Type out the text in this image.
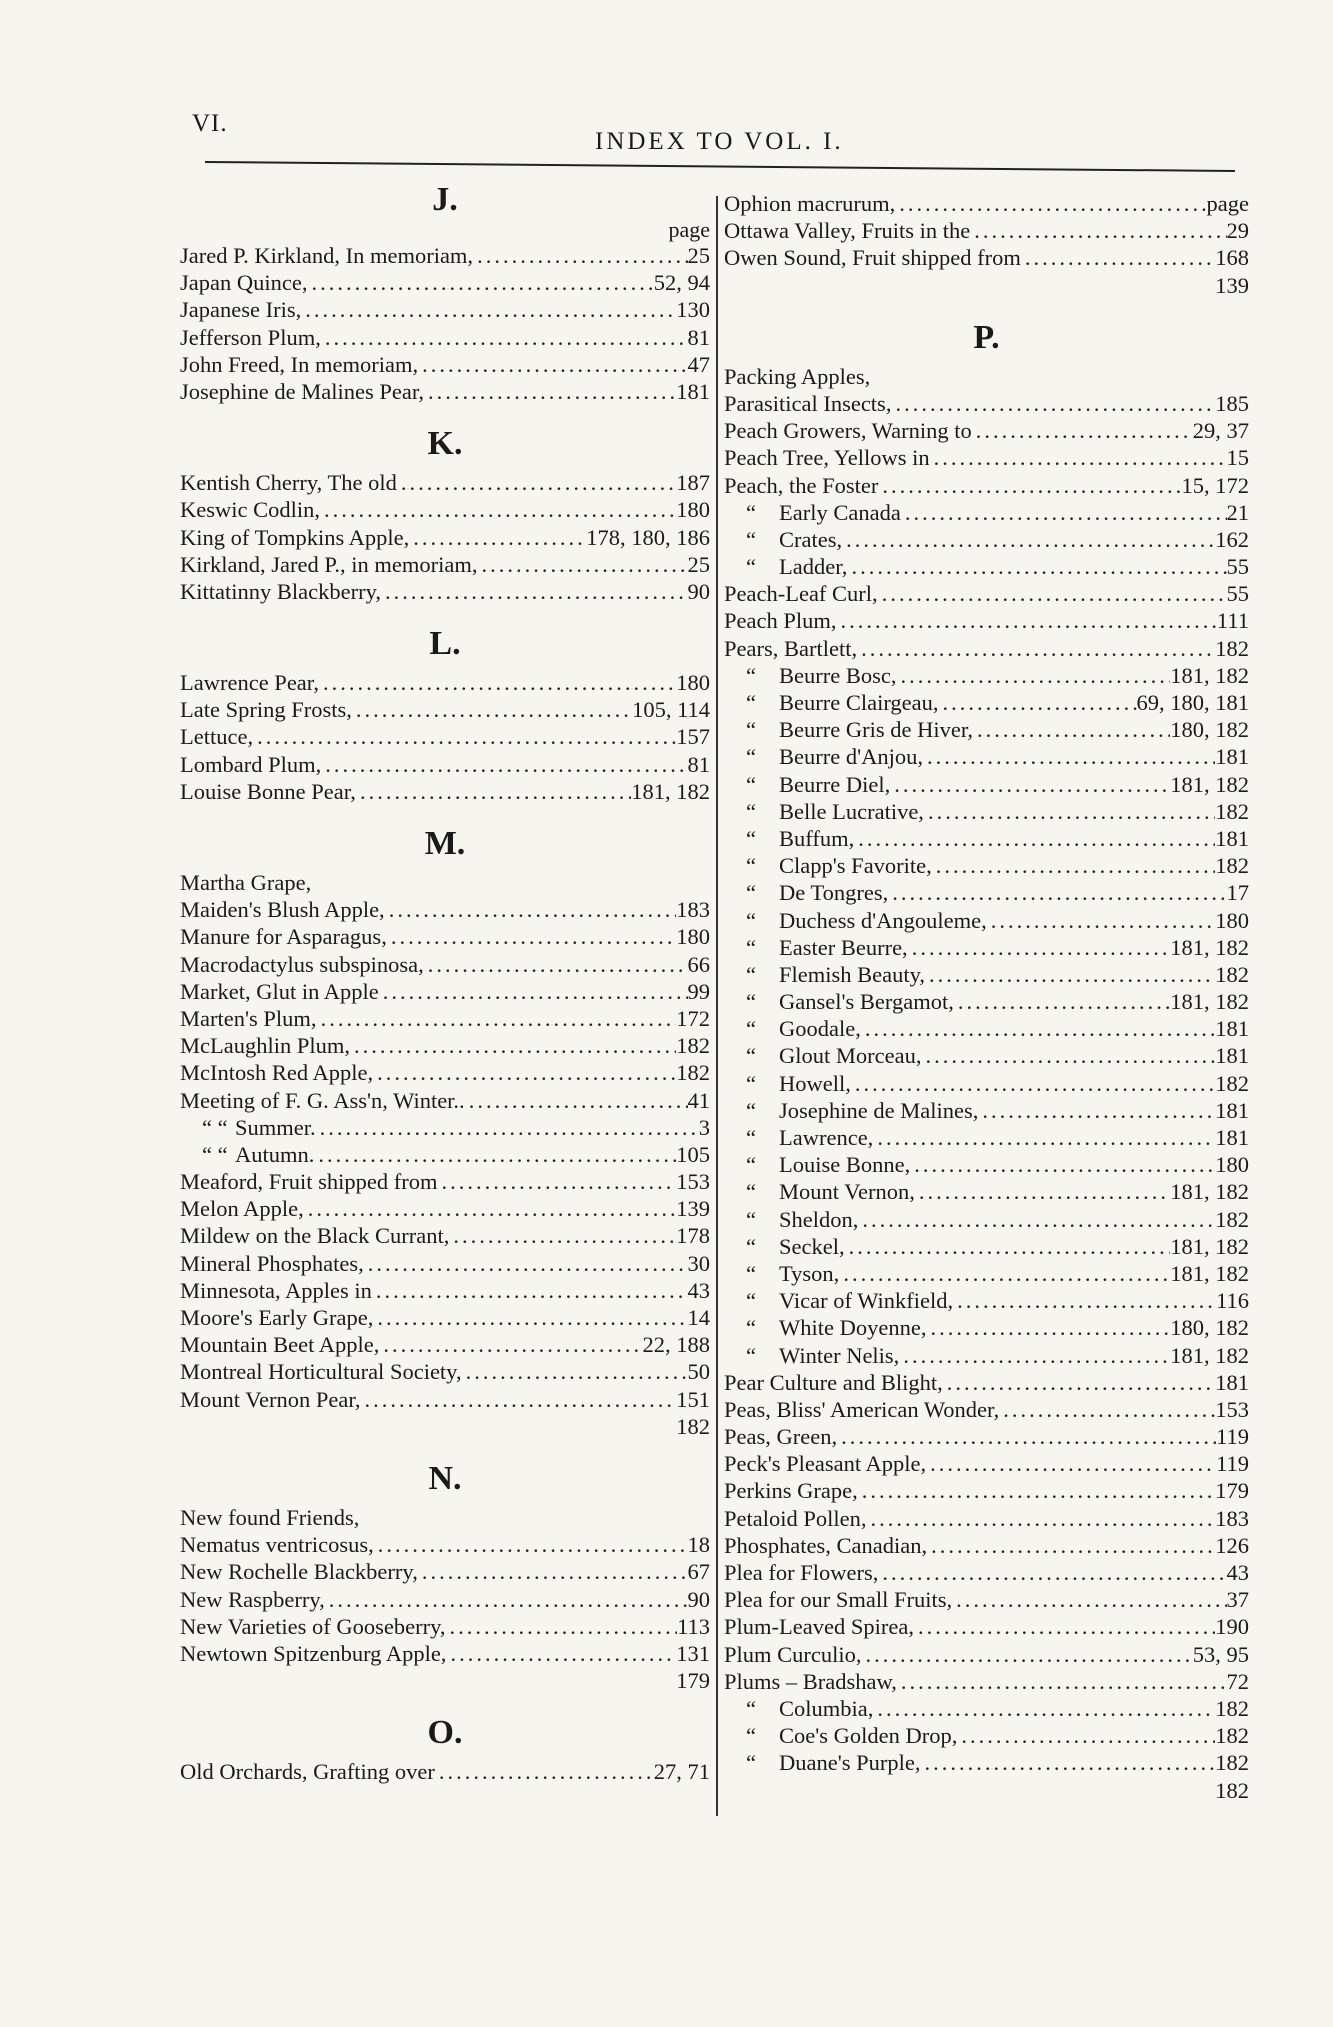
VI.
INDEX TO VOL. I.
J.
page
Jared P. Kirkland, In memoriam, .....	25
Japan Quince, .....	52, 94
Japanese Iris, .....	130
Jefferson Plum, .....	81
John Freed, In memoriam, .....	47
Josephine de Malines Pear, .....	181
K.
Kentish Cherry, The old .....	187
Keswic Codlin, .....	180
King of Tompkins Apple, .....	178, 180, 186
Kirkland, Jared P., in memoriam, .....	25
Kittatinny Blackberry, .....	90
L.
Lawrence Pear, .....	180
Late Spring Frosts, .....	105, 114
Lettuce, .....	157
Lombard Plum, .....	81
Louise Bonne Pear, .....	181, 182
M.
Martha Grape,
Maiden's Blush Apple, .....	183
Manure for Asparagus, .....	180
Macrodactylus subspinosa, .....	66
Market, Glut in Apple .....	99
Marten's Plum, .....	172
McLaughlin Plum, .....	182
McIntosh Red Apple, .....	182
Meeting of F. G. Ass'n, Winter.. .....	41
“ “ Summer. .....	3
“ “ Autumn. .....	105
Meaford, Fruit shipped from .....	153
Melon Apple, .....	139
Mildew on the Black Currant, .....	178
Mineral Phosphates, .....	30
Minnesota, Apples in .....	43
Moore's Early Grape, .....	14
Mountain Beet Apple, .....	22, 188
Montreal Horticultural Society, .....	50
Mount Vernon Pear, .....	151
182
N.
New found Friends,
Nematus ventricosus, .....	18
New Rochelle Blackberry, .....	67
New Raspberry, .....	90
New Varieties of Gooseberry, .....	113
Newtown Spitzenburg Apple, .....	131
179
O.
Old Orchards, Grafting over .....	27, 71
Ophion macrurum, .....	page
Ottawa Valley, Fruits in the .....	29
Owen Sound, Fruit shipped from .....	168
139
P.
Packing Apples,
Parasitical Insects, .....	185
Peach Growers, Warning to .....	29, 37
Peach Tree, Yellows in .....	15
Peach, the Foster .....	15, 172
“	Early Canada .....	21
“	Crates, .....	162
“	Ladder, .....	55
Peach-Leaf Curl, .....	55
Peach Plum, .....	111
Pears, Bartlett, .....	182
“	Beurre Bosc, .....	181, 182
“	Beurre Clairgeau, .....	69, 180, 181
“	Beurre Gris de Hiver, .....	180, 182
“	Beurre d'Anjou, .....	181
“	Beurre Diel, .....	181, 182
“	Belle Lucrative, .....	182
“	Buffum, .....	181
“	Clapp's Favorite, .....	182
“	De Tongres, .....	17
“	Duchess d'Angouleme, .....	180
“	Easter Beurre, .....	181, 182
“	Flemish Beauty, .....	182
“	Gansel's Bergamot, .....	181, 182
“	Goodale, .....	181
“	Glout Morceau, .....	181
“	Howell, .....	182
“	Josephine de Malines, .....	181
“	Lawrence, .....	181
“	Louise Bonne, .....	180
“	Mount Vernon, .....	181, 182
“	Sheldon, .....	182
“	Seckel, .....	181, 182
“	Tyson, .....	181, 182
“	Vicar of Winkfield, .....	116
“	White Doyenne, .....	180, 182
“	Winter Nelis, .....	181, 182
Pear Culture and Blight, .....	181
Peas, Bliss' American Wonder, .....	153
Peas, Green, .....	119
Peck's Pleasant Apple, .....	119
Perkins Grape, .....	179
Petaloid Pollen, .....	183
Phosphates, Canadian, .....	126
Plea for Flowers, .....	43
Plea for our Small Fruits, .....	37
Plum-Leaved Spirea, .....	190
Plum Curculio, .....	53, 95
Plums – Bradshaw, .....	72
“	Columbia, .....	182
“	Coe's Golden Drop, .....	182
“	Duane's Purple, .....	182
182
